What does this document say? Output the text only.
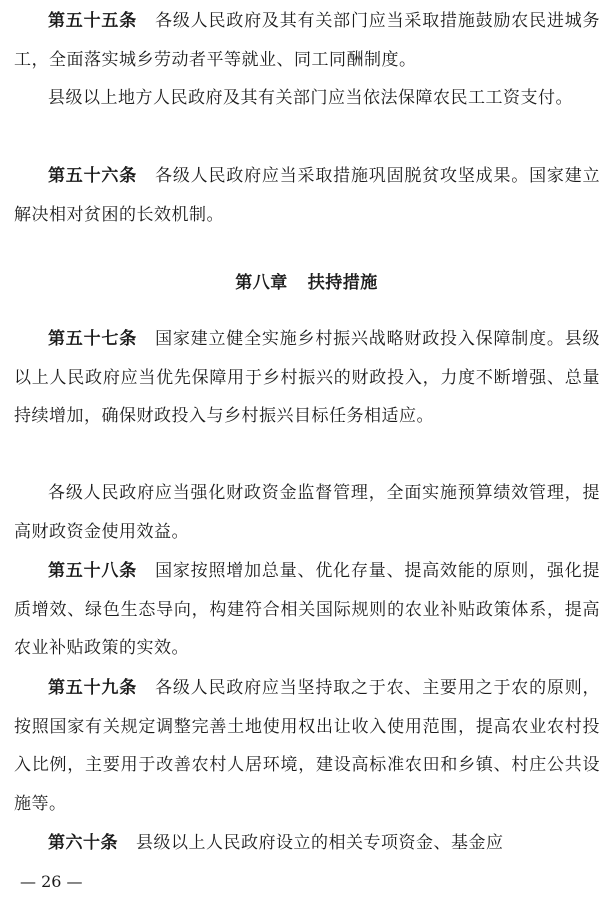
第五十五条 各级人民政府及其有关部门应当采取措施鼓励农民进城务工，全面落实城乡劳动者平等就业、同工同酬制度。

县级以上地方人民政府及其有关部门应当依法保障农民工工资支付。

第五十六条 各级人民政府应当采取措施巩固脱贫攻坚成果。国家建立解决相对贫困的长效机制。

第八章 扶持措施

第五十七条 国家建立健全实施乡村振兴战略财政投入保障制度。县级以上人民政府应当优先保障用于乡村振兴的财政投入，力度不断增强、总量持续增加，确保财政投入与乡村振兴目标任务相适应。

各级人民政府应当强化财政资金监督管理，全面实施预算绩效管理，提高财政资金使用效益。

第五十八条 国家按照增加总量、优化存量、提高效能的原则，强化提质增效、绿色生态导向，构建符合相关国际规则的农业补贴政策体系，提高农业补贴政策的实效。

第五十九条 各级人民政府应当坚持取之于农、主要用之于农的原则，按照国家有关规定调整完善土地使用权出让收入使用范围，提高农业农村投入比例，主要用于改善农村人居环境，建设高标准农田和乡镇、村庄公共设施等。

第六十条 县级以上人民政府设立的相关专项资金、基金应

— 26 —
